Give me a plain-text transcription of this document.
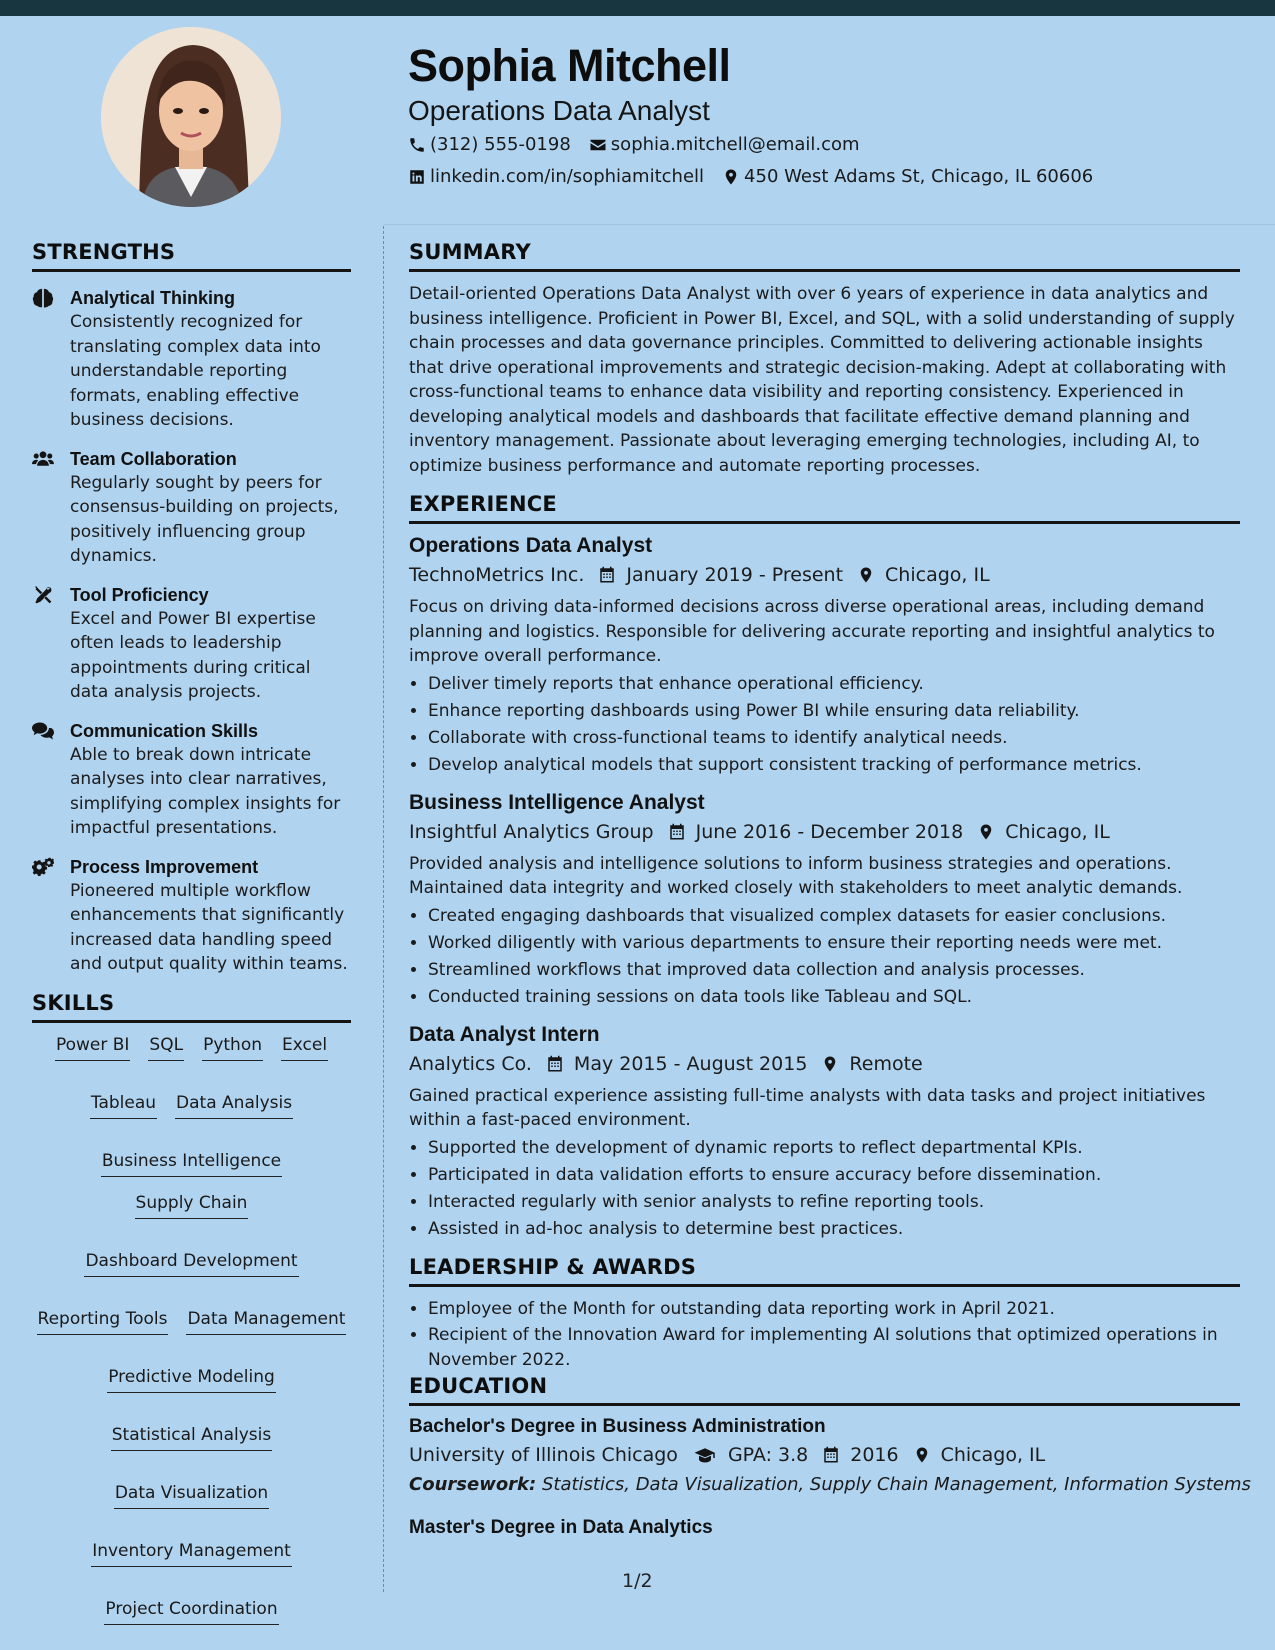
Sophia Mitchell
Operations Data Analyst
(312) 555-0198 sophia.mitchell@email.com
linkedin.com/in/sophiamitchell 450 West Adams St, Chicago, IL 60606
STRENGTHS
Analytical Thinking
Consistently recognized for translating complex data into understandable reporting formats, enabling effective business decisions.
Team Collaboration
Regularly sought by peers for consensus-building on projects, positively influencing group dynamics.
Tool Proficiency
Excel and Power BI expertise often leads to leadership appointments during critical data analysis projects.
Communication Skills
Able to break down intricate analyses into clear narratives, simplifying complex insights for impactful presentations.
Process Improvement
Pioneered multiple workflow enhancements that significantly increased data handling speed and output quality within teams.
SKILLS
Power BI SQL Python Excel
Tableau Data Analysis
Business Intelligence
Supply Chain
Dashboard Development
Reporting Tools Data Management
Predictive Modeling
Statistical Analysis
Data Visualization
Inventory Management
Project Coordination
SUMMARY

Detail-oriented Operations Data Analyst with over 6 years of experience in data analytics and business intelligence. Proficient in Power BI, Excel, and SQL, with a solid understanding of supply chain processes and data governance principles. Committed to delivering actionable insights that drive operational improvements and strategic decision-making. Adept at collaborating with cross-functional teams to enhance data visibility and reporting consistency. Experienced in developing analytical models and dashboards that facilitate effective demand planning and inventory management. Passionate about leveraging emerging technologies, including AI, to optimize business performance and automate reporting processes.

EXPERIENCE
Operations Data Analyst
TechnoMetrics Inc. January 2019 - Present Chicago, IL
Focus on driving data-informed decisions across diverse operational areas, including demand planning and logistics. Responsible for delivering accurate reporting and insightful analytics to improve overall performance.
• Deliver timely reports that enhance operational efficiency.
• Enhance reporting dashboards using Power BI while ensuring data reliability.
• Collaborate with cross-functional teams to identify analytical needs.
• Develop analytical models that support consistent tracking of performance metrics.
Business Intelligence Analyst
Insightful Analytics Group June 2016 - December 2018 Chicago, IL
Provided analysis and intelligence solutions to inform business strategies and operations. Maintained data integrity and worked closely with stakeholders to meet analytic demands.
• Created engaging dashboards that visualized complex datasets for easier conclusions.
• Worked diligently with various departments to ensure their reporting needs were met.
• Streamlined workflows that improved data collection and analysis processes.
• Conducted training sessions on data tools like Tableau and SQL.
Data Analyst Intern
Analytics Co. May 2015 - August 2015 Remote
Gained practical experience assisting full-time analysts with data tasks and project initiatives within a fast-paced environment.
• Supported the development of dynamic reports to reflect departmental KPIs.
• Participated in data validation efforts to ensure accuracy before dissemination.
• Interacted regularly with senior analysts to refine reporting tools.
• Assisted in ad-hoc analysis to determine best practices.
LEADERSHIP & AWARDS
• Employee of the Month for outstanding data reporting work in April 2021.
• Recipient of the Innovation Award for implementing AI solutions that optimized operations in November 2022.
EDUCATION
Bachelor's Degree in Business Administration
University of Illinois Chicago	GPA: 3.8 2016 Chicago, IL
Coursework: Statistics, Data Visualization, Supply Chain Management, Information Systems
Master's Degree in Data Analytics
1/2
